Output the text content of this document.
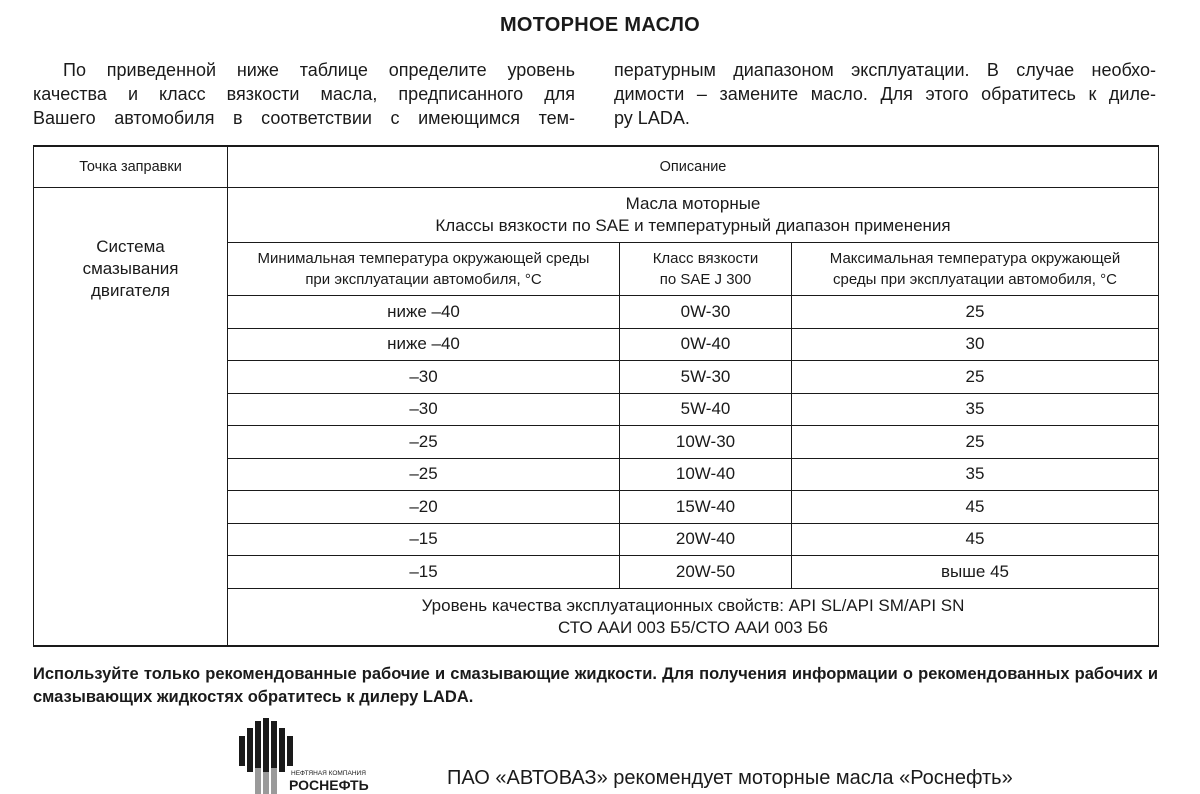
МОТОРНОЕ МАСЛО

По приведенной ниже таблице определите уровень
качества и класс вязкости масла, предписанного для
Вашего автомобиля в соответствии с имеющимся тем-

пературным диапазоном эксплуатации. В случае необхо-
димости – замените масло. Для этого обратитесь к диле-
ру LADA.

Точка заправки	Описание		
Система
смазывания
двигателя	Масла моторные
Классы вязкости по SAE и температурный диапазон применения		
	Минимальная температура окружающей среды
при эксплуатации автомобиля, °С	Класс вязкости
по SAE J 300	Максимальная температура окружающей
среды при эксплуатации автомобиля, °С
	ниже –40	0W-30	25
	ниже –40	0W-40	30
	–30	5W-30	25
	–30	5W-40	35
	–25	10W-30	25
	–25	10W-40	35
	–20	15W-40	45
	–15	20W-40	45
	–15	20W-50	выше 45
	Уровень качества эксплуатационных свойств: API SL/API SM/API SN
СТО ААИ 003 Б5/СТО ААИ 003 Б6		

Используйте только рекомендованные рабочие и смазывающие жидкости. Для получения информации о рекомендованных рабочих и смазывающих жидкостях обратитесь к дилеру LADA.

НЕФТЯНАЯ КОМПАНИЯ
РОСНЕФТЬ	ПАО «АВТОВАЗ» рекомендует моторные масла «Роснефть»
